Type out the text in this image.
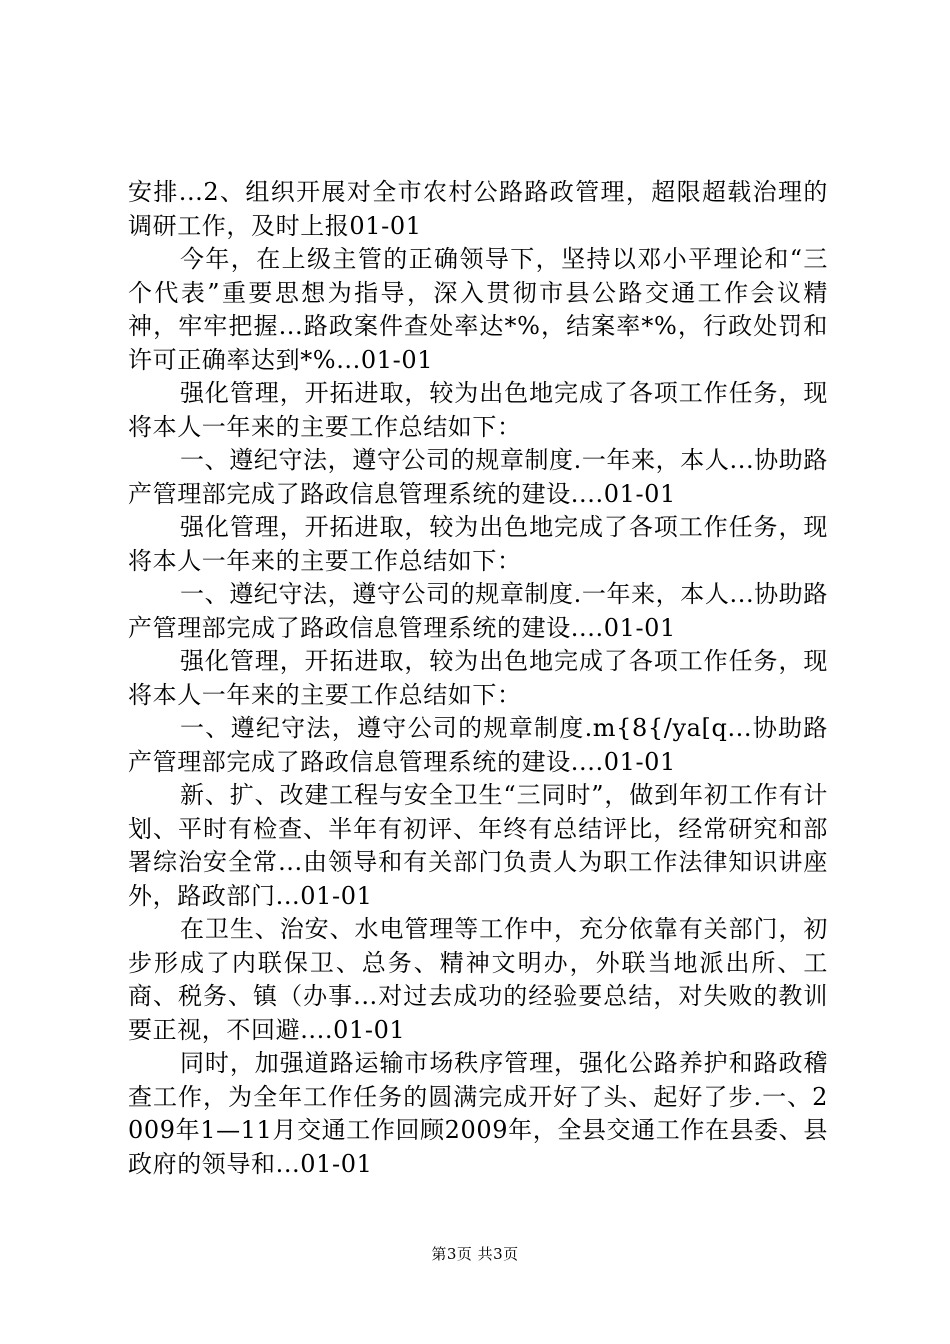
安排...2、组织开展对全市农村公路路政管理，超限超载治理的调研工作，及时上报01-01

今年，在上级主管的正确领导下，坚持以邓小平理论和“三个代表”重要思想为指导，深入贯彻市县公路交通工作会议精神，牢牢把握...路政案件查处率达*%，结案率*%，行政处罚和许可正确率达到*%...01-01

强化管理，开拓进取，较为出色地完成了各项工作任务，现将本人一年来的主要工作总结如下：

一、遵纪守法，遵守公司的规章制度.一年来，本人...协助路产管理部完成了路政信息管理系统的建设....01-01

强化管理，开拓进取，较为出色地完成了各项工作任务，现将本人一年来的主要工作总结如下：

一、遵纪守法，遵守公司的规章制度.一年来，本人...协助路产管理部完成了路政信息管理系统的建设....01-01

强化管理，开拓进取，较为出色地完成了各项工作任务，现将本人一年来的主要工作总结如下：

一、遵纪守法，遵守公司的规章制度.m{8{/ya[q...协助路产管理部完成了路政信息管理系统的建设....01-01

新、扩、改建工程与安全卫生“三同时”，做到年初工作有计划、平时有检查、半年有初评、年终有总结评比，经常研究和部署综治安全常...由领导和有关部门负责人为职工作法律知识讲座外，路政部门...01-01

在卫生、治安、水电管理等工作中，充分依靠有关部门，初步形成了内联保卫、总务、精神文明办，外联当地派出所、工商、税务、镇（办事...对过去成功的经验要总结，对失败的教训要正视，不回避....01-01

同时，加强道路运输市场秩序管理，强化公路养护和路政稽查工作，为全年工作任务的圆满完成开好了头、起好了步.一、2009年1—11月交通工作回顾2009年，全县交通工作在县委、县政府的领导和...01-01

第3页 共3页
